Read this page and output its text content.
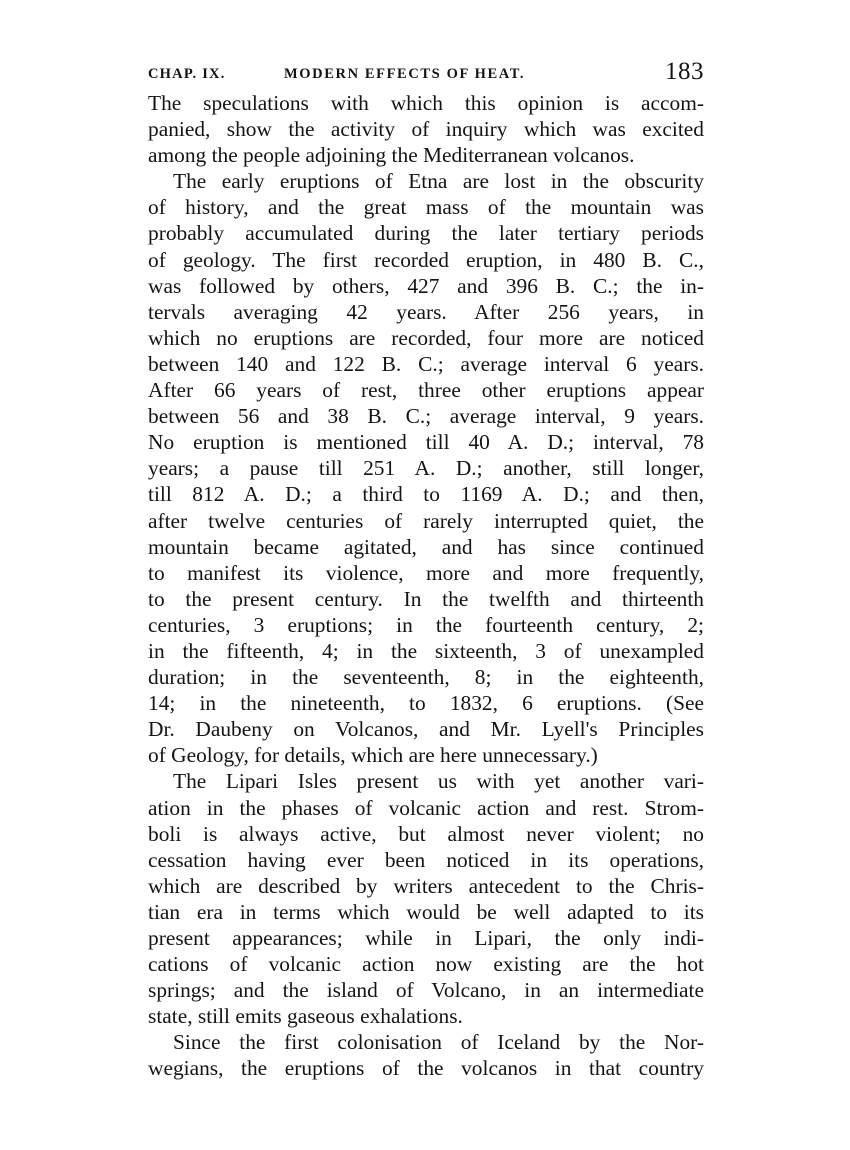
CHAP. IX.	MODERN EFFECTS OF HEAT.	183

The speculations with which this opinion is accom-
panied, show the activity of inquiry which was excited
among the people adjoining the Mediterranean volcanos.

The early eruptions of Etna are lost in the obscurity
of history, and the great mass of the mountain was
probably accumulated during the later tertiary periods
of geology. The first recorded eruption, in 480 B. C.,
was followed by others, 427 and 396 B. C.; the in-
tervals averaging 42 years. After 256 years, in
which no eruptions are recorded, four more are noticed
between 140 and 122 B. C.; average interval 6 years.
After 66 years of rest, three other eruptions appear
between 56 and 38 B. C.; average interval, 9 years.
No eruption is mentioned till 40 A. D.; interval, 78
years; a pause till 251 A. D.; another, still longer,
till 812 A. D.; a third to 1169 A. D.; and then,
after twelve centuries of rarely interrupted quiet, the
mountain became agitated, and has since continued
to manifest its violence, more and more frequently,
to the present century. In the twelfth and thirteenth
centuries, 3 eruptions; in the fourteenth century, 2;
in the fifteenth, 4; in the sixteenth, 3 of unexampled
duration; in the seventeenth, 8; in the eighteenth,
14; in the nineteenth, to 1832, 6 eruptions. (See
Dr. Daubeny on Volcanos, and Mr. Lyell's Principles
of Geology, for details, which are here unnecessary.)

The Lipari Isles present us with yet another vari-
ation in the phases of volcanic action and rest. Strom-
boli is always active, but almost never violent; no
cessation having ever been noticed in its operations,
which are described by writers antecedent to the Chris-
tian era in terms which would be well adapted to its
present appearances; while in Lipari, the only indi-
cations of volcanic action now existing are the hot
springs; and the island of Volcano, in an intermediate
state, still emits gaseous exhalations.

Since the first colonisation of Iceland by the Nor-
wegians, the eruptions of the volcanos in that country
